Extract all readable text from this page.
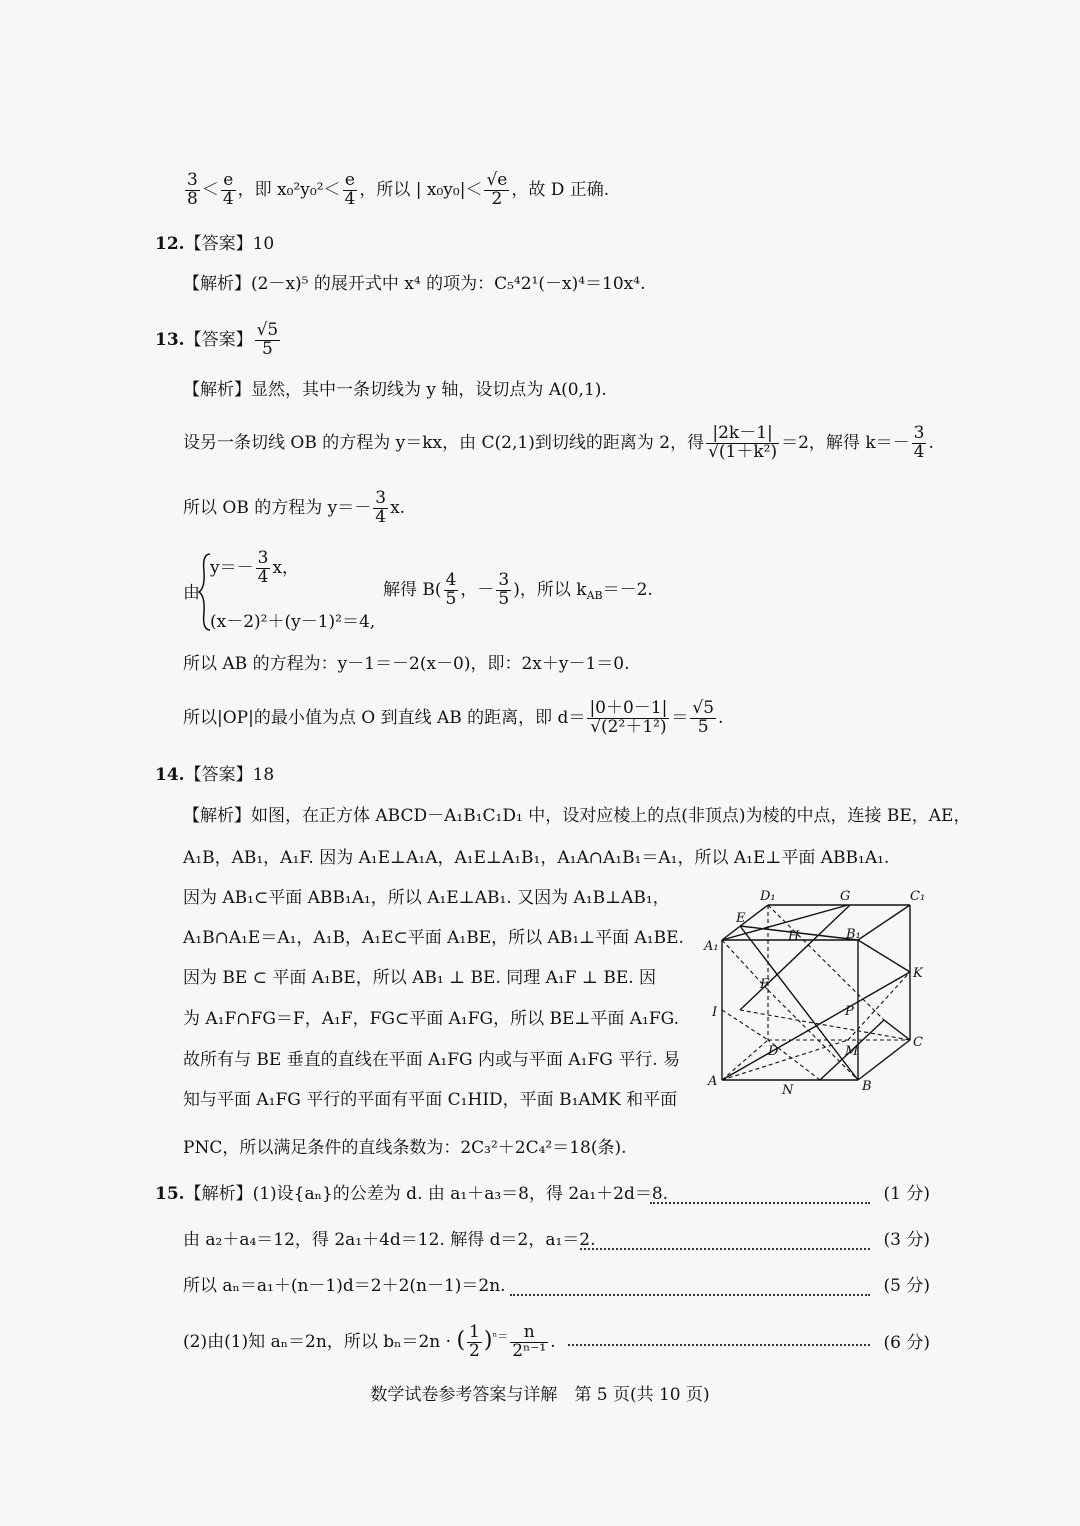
$\frac{3}{8} < \frac{e}{4}$ ，即 $x_0^2y_0^2< \frac{e}{4}$ ，所以 | $x_0y_0|< \frac{√e}{2}$ ，故 D 正确.
12.【答案】10
【解析】(2－x)⁵ 的展开式中 x⁴ 的项为：C₅⁴2¹(－x)⁴＝10x⁴.
13.【答案】 $\frac{√5}{5}$
【解析】显然，其中一条切线为 y 轴，设切点为 A(0,1).
设另一条切线 OB 的方程为 y＝kx，由 C(2,1)到切线的距离为 2，得 $\frac{|2k-1|}{\text{√(1＋k²)}} =2$，解得 $k=- \frac{3}{4}$ .
所以 OB 的方程为 $y=- \frac{3}{4} x$.
由
$y=- \frac{3}{4}$ x，
(x－2)²＋(y－1)²＝4,
解得 $B( \frac{4}{5}$ ，－ $\frac{3}{5}$ )，所以 $k_{AB}=-2$.
所以 AB 的方程为：y－1＝－2(x－0)，即：2x＋y－1＝0.
所以|OP|的最小值为点 O 到直线 AB 的距离，即 $d= \frac{|0+0-1|}{\text{√(2²＋1²)}} = \frac{√5}{5}$ .
14.【答案】18
【解析】如图，在正方体 ABCD－A₁B₁C₁D₁ 中，设对应棱上的点(非顶点)为棱的中点，连接 BE，AE，
A₁B，AB₁，A₁F. 因为 A₁E⊥A₁A，A₁E⊥A₁B₁，A₁A∩A₁B₁＝A₁，所以 A₁E⊥平面 ABB₁A₁.
因为 AB₁⊂平面 ABB₁A₁，所以 A₁E⊥AB₁. 又因为 A₁B⊥AB₁，
A₁B∩A₁E＝A₁，A₁B，A₁E⊂平面 A₁BE，所以 AB₁⊥平面 A₁BE.
因为 BE ⊂ 平面 A₁BE，所以 AB₁ ⊥ BE. 同理 A₁F ⊥ BE. 因
为 A₁F∩FG＝F，A₁F，FG⊂平面 A₁FG，所以 BE⊥平面 A₁FG.
故所有与 BE 垂直的直线在平面 A₁FG 内或与平面 A₁FG 平行. 易
知与平面 A₁FG 平行的平面有平面 C₁HID，平面 B₁AMK 和平面
PNC，所以满足条件的直线条数为：2C₃²＋2C₄²＝18(条).
D₁	G	C₁
E
A₁
H	B₁
K
F
I	P
D	M
C
A
N	B
15.【解析】(1)设{aₙ}的公差为 d. 由 a₁＋a₃＝8，得 2a₁＋2d＝8.	(1 分)
由 a₂＋a₄＝12，得 2a₁＋4d＝12. 解得 d＝2，a₁＝2.	(3 分)
所以 aₙ＝a₁＋(n－1)d＝2＋2(n－1)＝2n.	(5 分)
(2)由(1)知 aₙ＝2n，所以 bₙ＝2n · ( $\frac{1}{2} )^{^n=} \frac{n}{\text{2ⁿ⁻¹}}$ .	(6 分)
数学试卷参考答案与详解　第 5 页(共 10 页)
